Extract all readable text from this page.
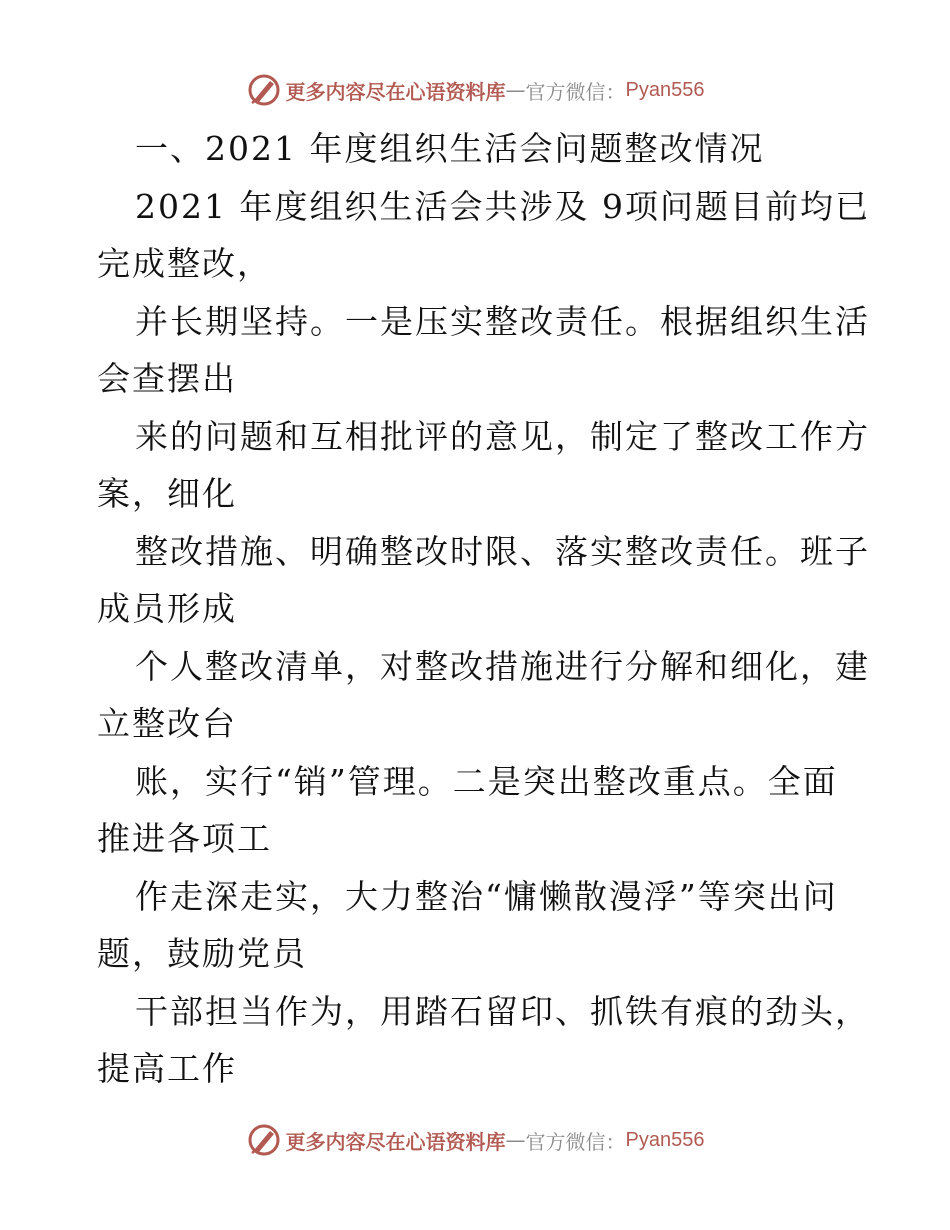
更多内容尽在心语资料库 — 官方微信： Pyan556
一、2021 年度组织生活会问题整改情况
2021 年度组织生活会共涉及 9项问题目前均已
完成整改，
并长期坚持。一是压实整改责任。根据组织生活
会查摆出
来的问题和互相批评的意见，制定了整改工作方
案，细化
整改措施、明确整改时限、落实整改责任。班子
成员形成
个人整改清单，对整改措施进行分解和细化，建
立整改台
账，实行“销”管理。二是突出整改重点。全面
推进各项工
作走深走实，大力整治“慵懒散漫浮”等突出问
题，鼓励党员
干部担当作为，用踏石留印、抓铁有痕的劲头，
提高工作
更多内容尽在心语资料库 — 官方微信： Pyan556
